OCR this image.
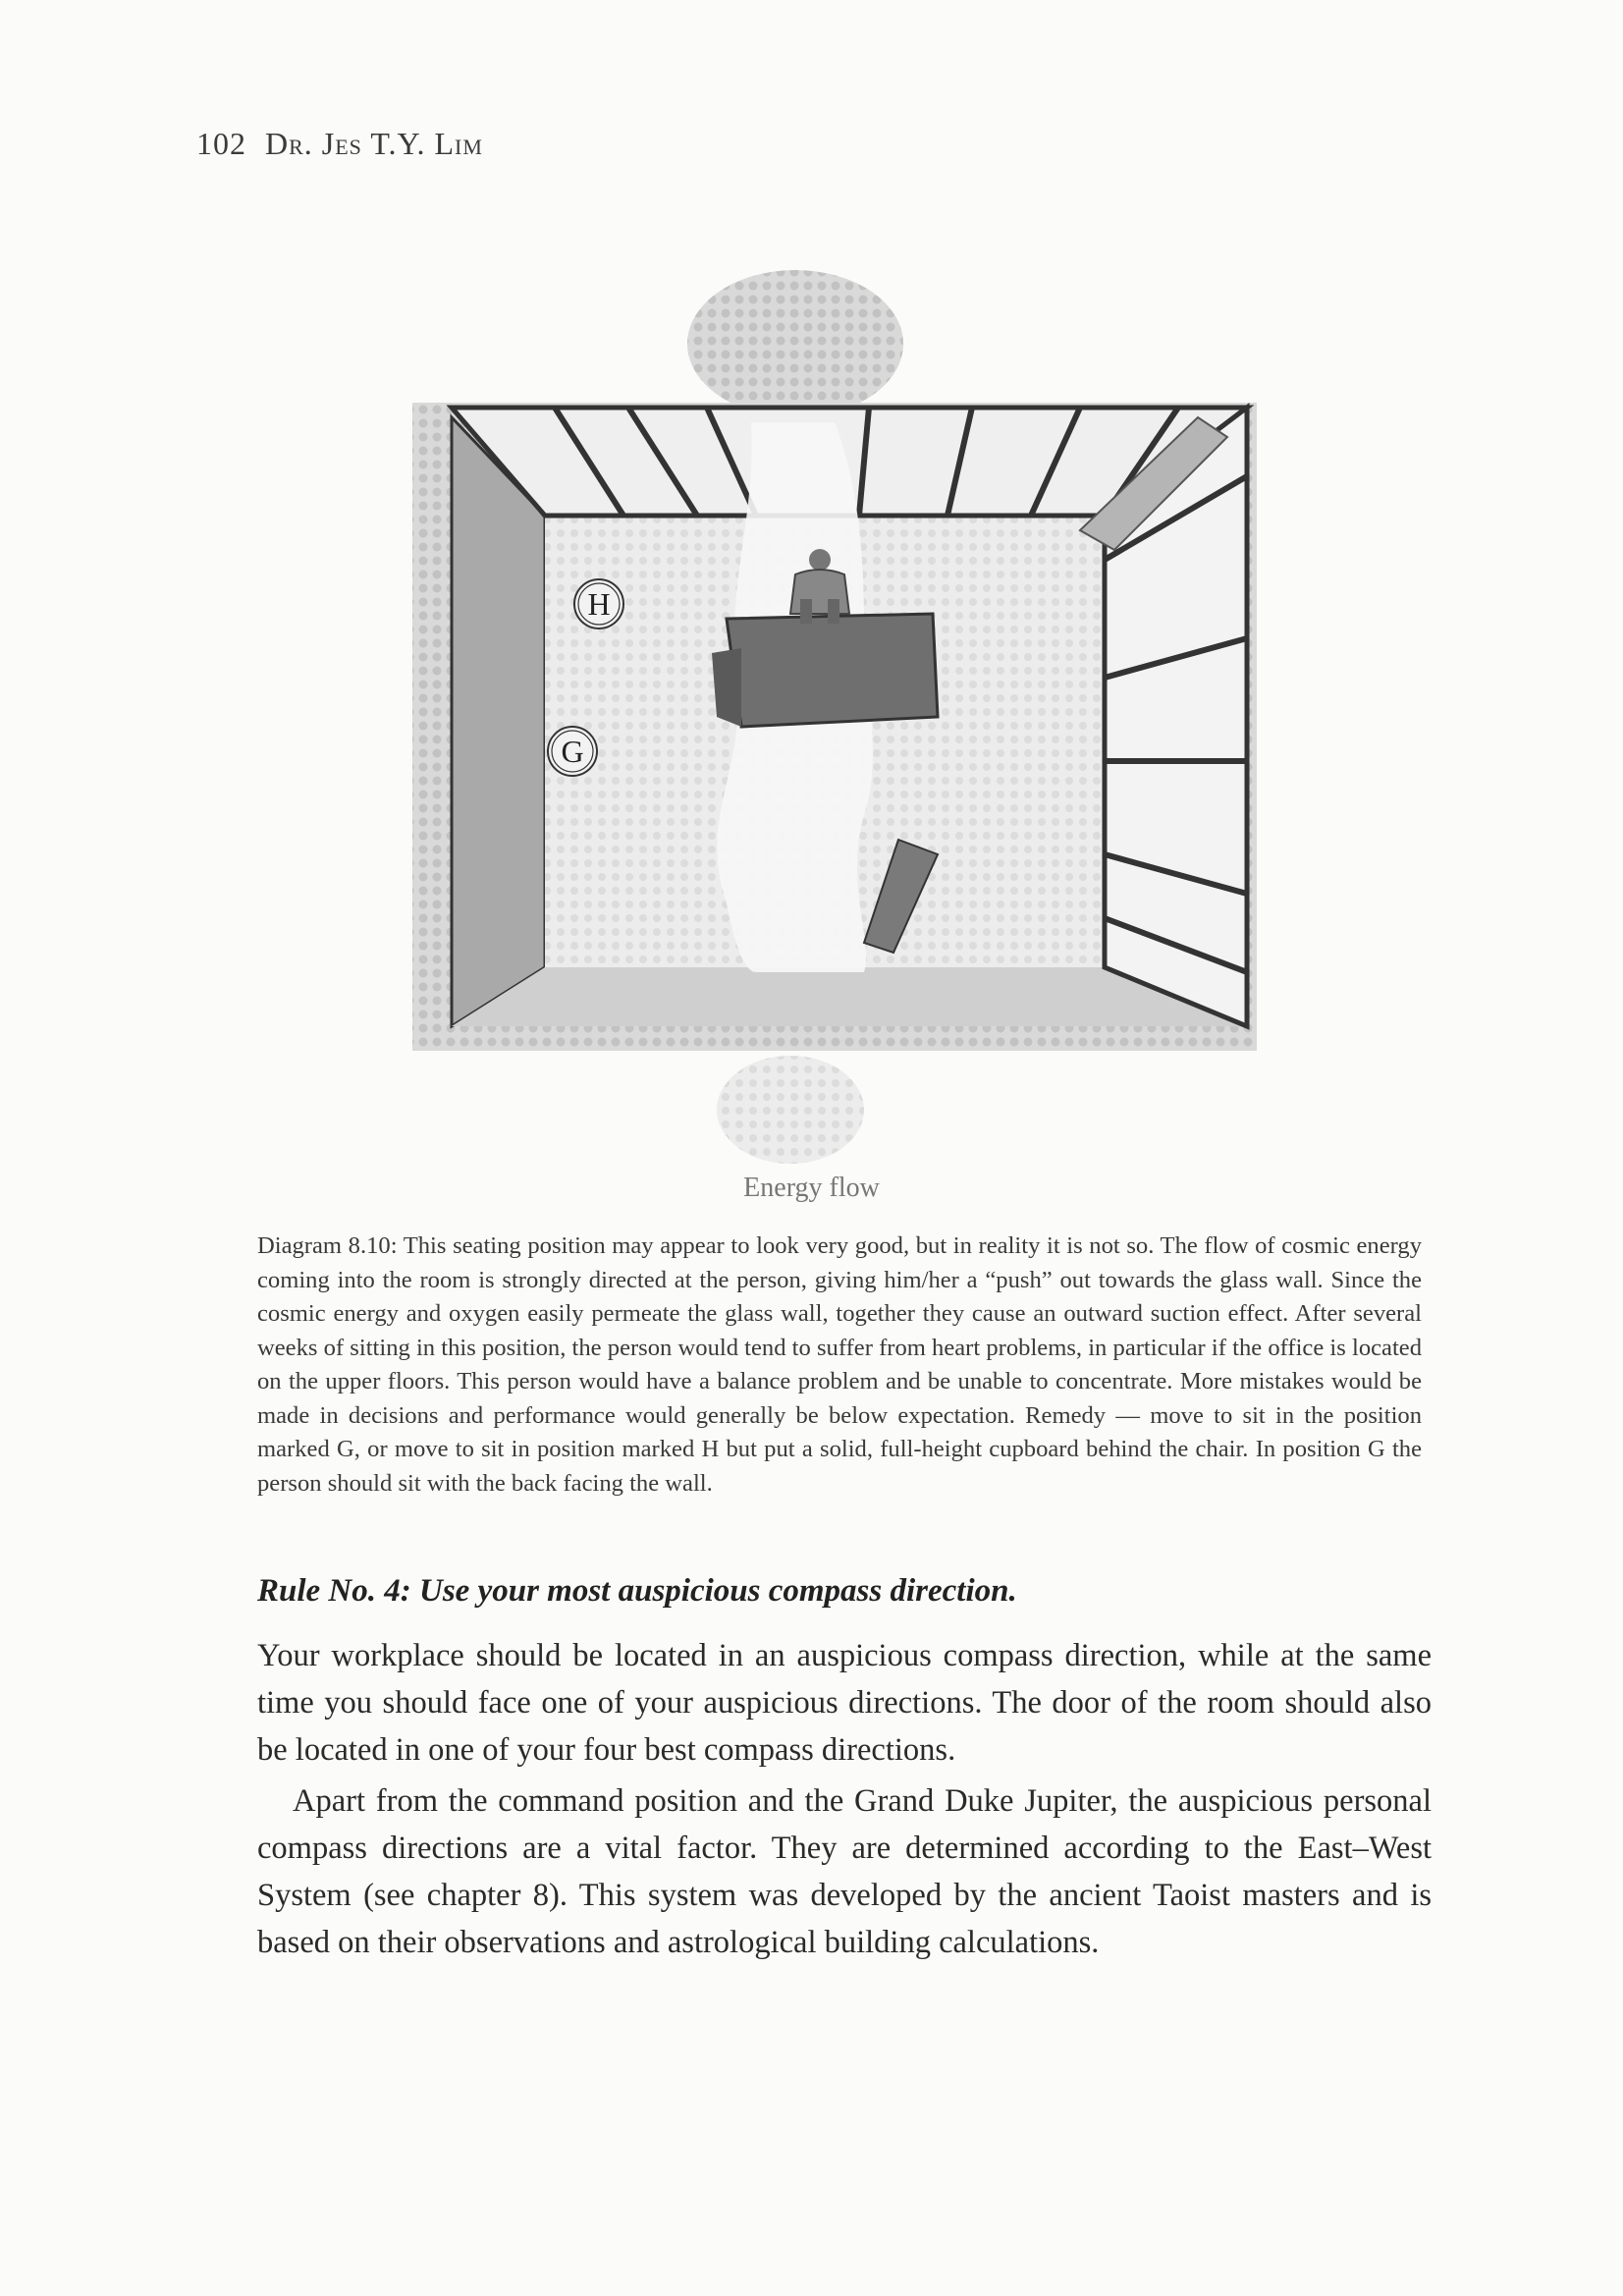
102 Dr. Jes T.Y. Lim
H
G
Energy flow
Diagram 8.10: This seating position may appear to look very good, but in reality it is not so. The flow of cosmic energy coming into the room is strongly directed at the person, giving him/her a “push” out towards the glass wall. Since the cosmic energy and oxygen easily permeate the glass wall, together they cause an outward suction effect. After several weeks of sitting in this position, the person would tend to suffer from heart problems, in particular if the office is located on the upper floors. This person would have a balance problem and be unable to concentrate. More mistakes would be made in decisions and performance would generally be below expectation. Remedy — move to sit in the position marked G, or move to sit in position marked H but put a solid, full-height cupboard behind the chair. In position G the person should sit with the back facing the wall.
Rule No. 4: Use your most auspicious compass direction.

Your workplace should be located in an auspicious compass direction, while at the same time you should face one of your auspicious directions. The door of the room should also be located in one of your four best compass directions.

Apart from the command position and the Grand Duke Jupiter, the auspicious personal compass directions are a vital factor. They are determined according to the East–West System (see chapter 8). This system was developed by the ancient Taoist masters and is based on their observations and astrological building calculations.
